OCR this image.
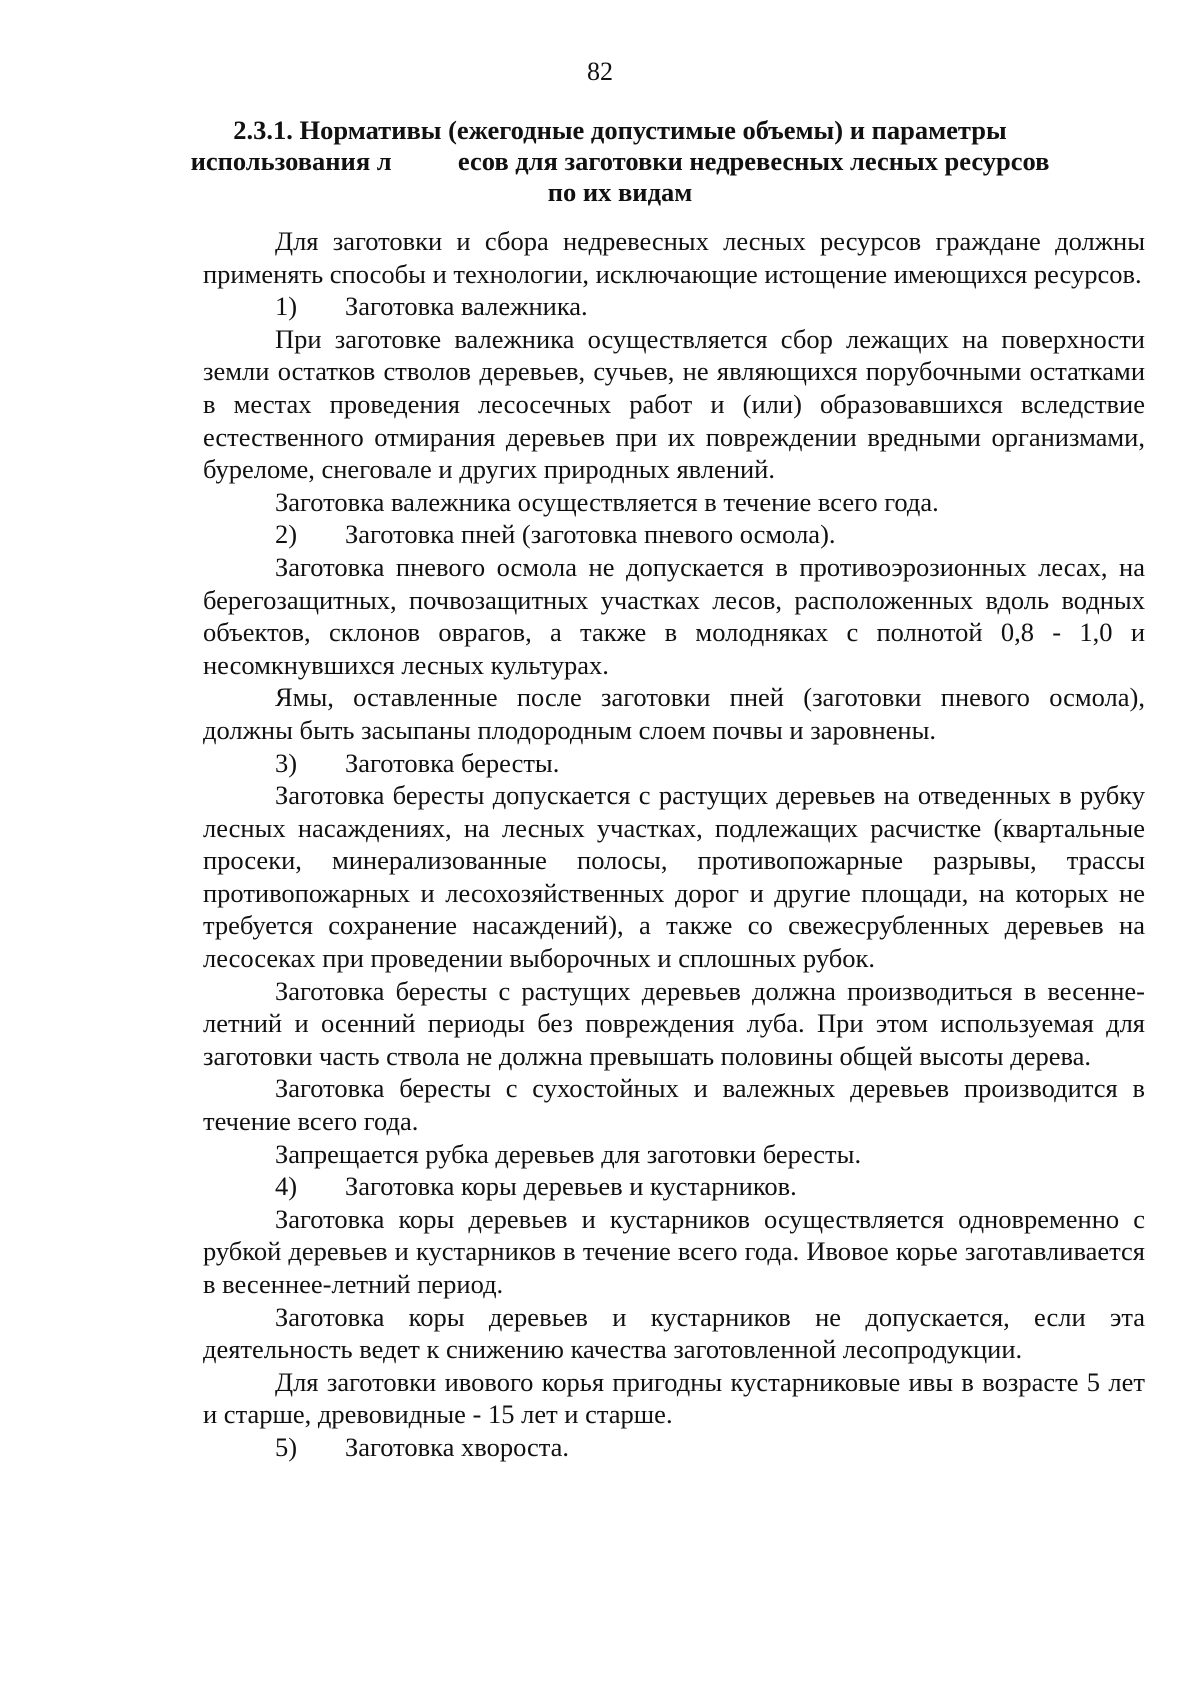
82
2.3.1. Нормативы (ежегодные допустимые объемы) и параметры
использования л          есов для заготовки недревесных лесных ресурсов
по их видам

Для заготовки и сбора недревесных лесных ресурсов граждане должны применять способы и технологии, исключающие истощение имеющихся ресурсов.

1) Заготовка валежника.

При заготовке валежника осуществляется сбор лежащих на поверхности земли остатков стволов деревьев, сучьев, не являющихся порубочными остатками в местах проведения лесосечных работ и (или) образовавшихся вследствие естественного отмирания деревьев при их повреждении вредными организмами, буреломе, снеговале и других природных явлений.

Заготовка валежника осуществляется в течение всего года.

2) Заготовка пней (заготовка пневого осмола).

Заготовка пневого осмола не допускается в противоэрозионных лесах, на берегозащитных, почвозащитных участках лесов, расположенных вдоль водных объектов, склонов оврагов, а также в молодняках с полнотой 0,8 - 1,0 и несомкнувшихся лесных культурах.

Ямы, оставленные после заготовки пней (заготовки пневого осмола), должны быть засыпаны плодородным слоем почвы и заровнены.

3) Заготовка бересты.

Заготовка бересты допускается с растущих деревьев на отведенных в рубку лесных насаждениях, на лесных участках, подлежащих расчистке (квартальные просеки, минерализованные полосы, противопожарные разрывы, трассы противопожарных и лесохозяйственных дорог и другие площади, на которых не требуется сохранение насаждений), а также со свежесрубленных деревьев на лесосеках при проведении выборочных и сплошных рубок.

Заготовка бересты с растущих деревьев должна производиться в весенне-летний и осенний периоды без повреждения луба. При этом используемая для заготовки часть ствола не должна превышать половины общей высоты дерева.

Заготовка бересты с сухостойных и валежных деревьев производится в течение всего года.

Запрещается рубка деревьев для заготовки бересты.

4) Заготовка коры деревьев и кустарников.

Заготовка коры деревьев и кустарников осуществляется одновременно с рубкой деревьев и кустарников в течение всего года. Ивовое корье заготавливается в весеннее-летний период.

Заготовка коры деревьев и кустарников не допускается, если эта деятельность ведет к снижению качества заготовленной лесопродукции.

Для заготовки ивового корья пригодны кустарниковые ивы в возрасте 5 лет и старше, древовидные - 15 лет и старше.

5) Заготовка хвороста.
